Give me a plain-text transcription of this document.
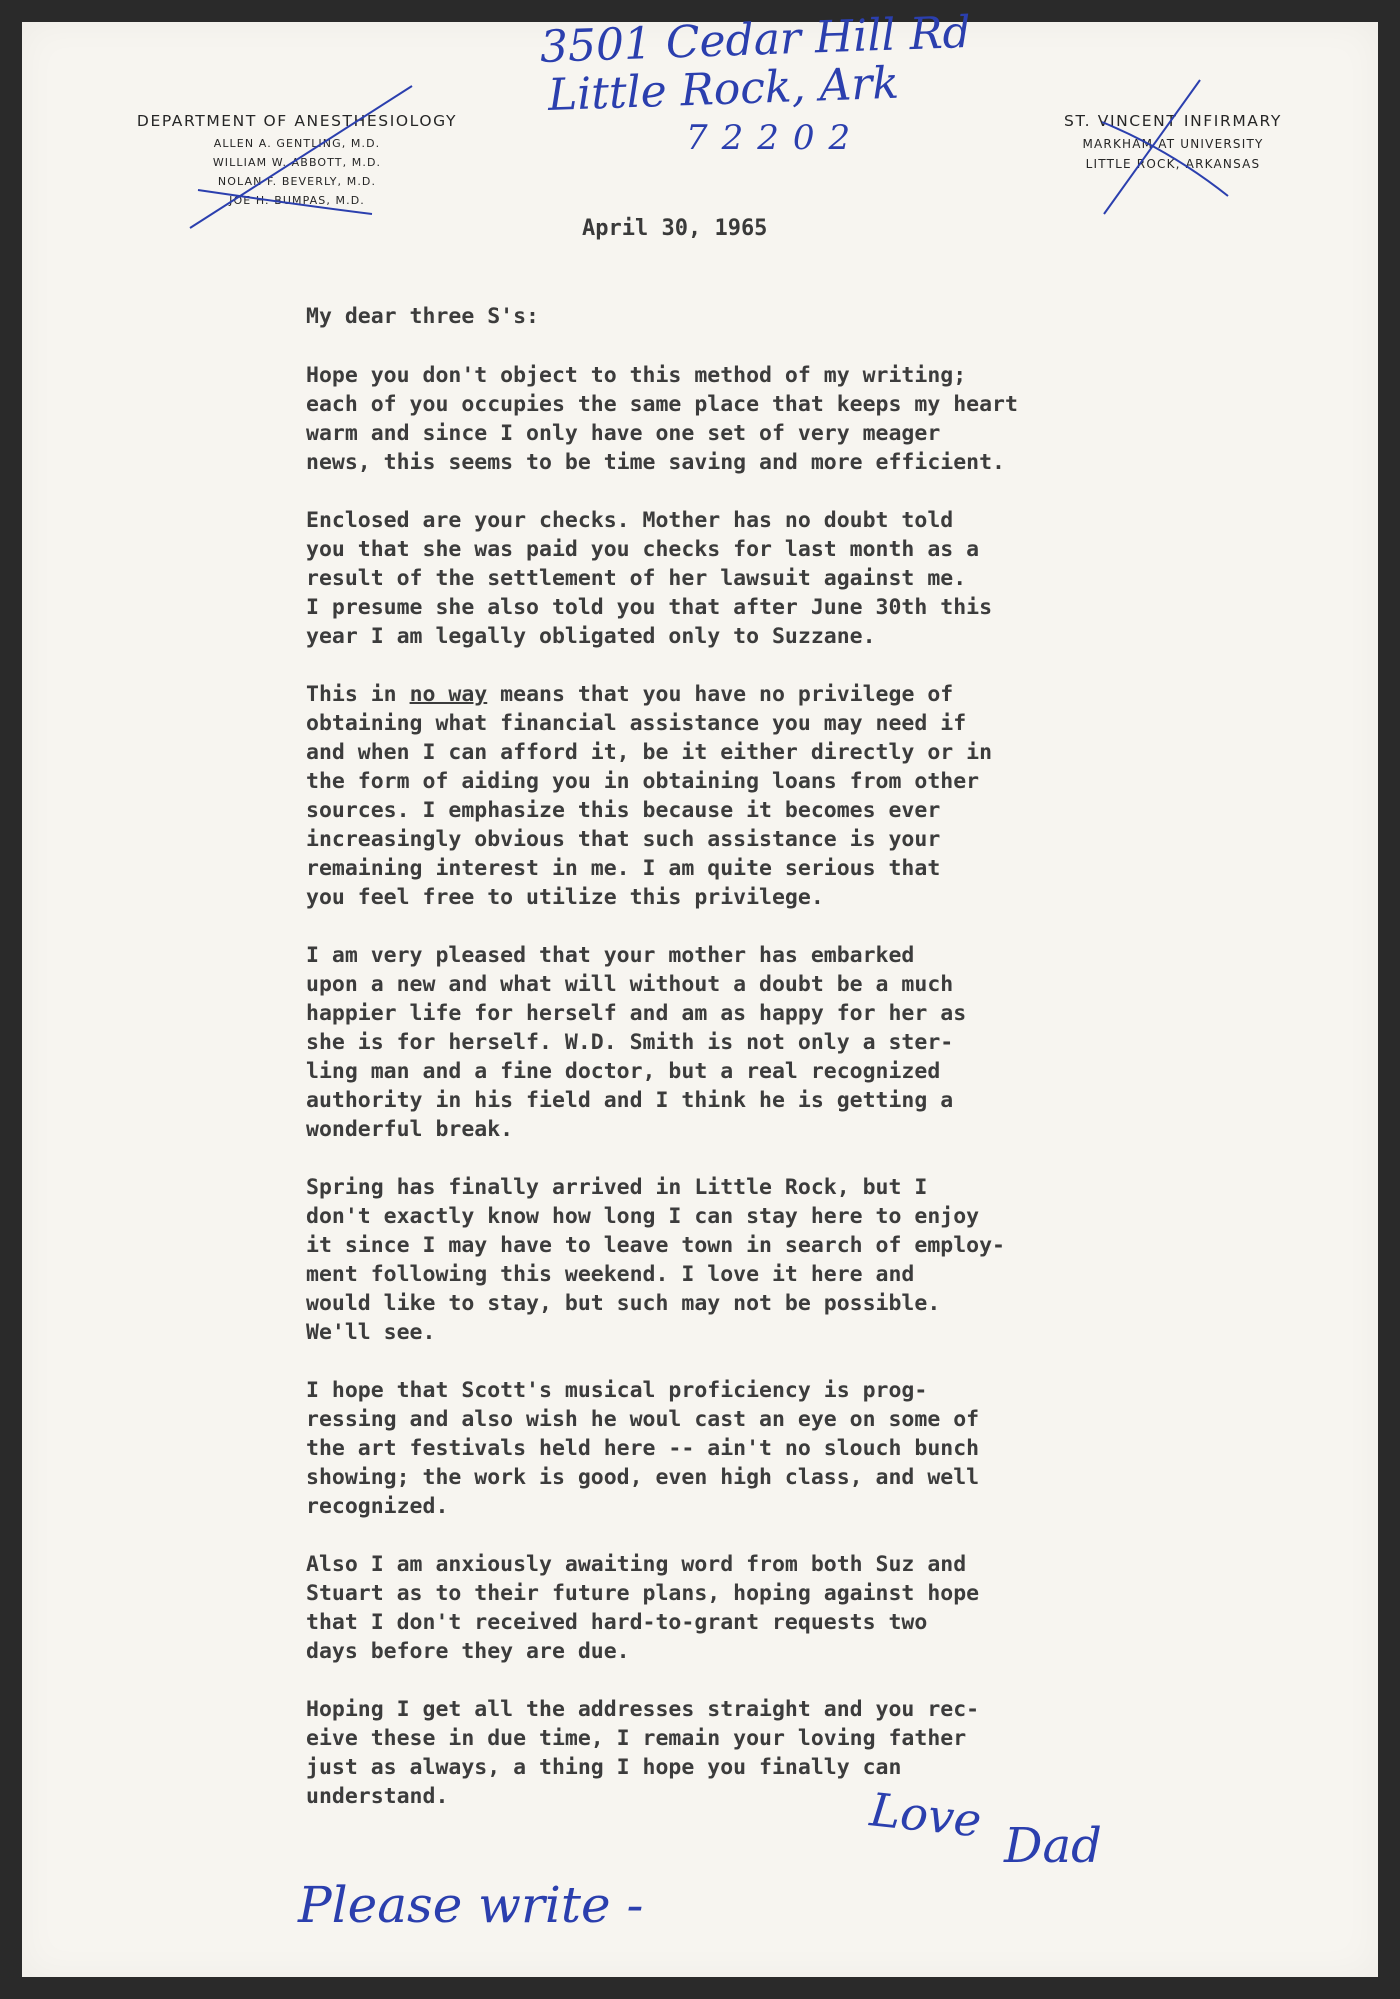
DEPARTMENT OF ANESTHESIOLOGY
ALLEN A. GENTLING, M.D.
WILLIAM W. ABBOTT, M.D.
NOLAN F. BEVERLY, M.D.
JOE H. BUMPAS, M.D.
ST. VINCENT INFIRMARY
MARKHAM AT UNIVERSITY
LITTLE ROCK, ARKANSAS
3501 Cedar Hill Rd
Little Rock, Ark
72202
April 30, 1965
My dear three S's:
Hope you don't object to this method of my writing;
each of you occupies the same place that keeps my heart
warm and since I only have one set of very meager
news, this seems to be time saving and more efficient.
Enclosed are your checks. Mother has no doubt told
you that she was paid you checks for last month as a
result of the settlement of her lawsuit against me.
I presume she also told you that after June 30th this
year I am legally obligated only to Suzzane.
This in no way means that you have no privilege of
obtaining what financial assistance you may need if
and when I can afford it, be it either directly or in
the form of aiding you in obtaining loans from other
sources. I emphasize this because it becomes ever
increasingly obvious that such assistance is your
remaining interest in me. I am quite serious that
you feel free to utilize this privilege.
I am very pleased that your mother has embarked
upon a new and what will without a doubt be a much
happier life for herself and am as happy for her as
she is for herself. W.D. Smith is not only a ster-
ling man and a fine doctor, but a real recognized
authority in his field and I think he is getting a
wonderful break.
Spring has finally arrived in Little Rock, but I
don't exactly know how long I can stay here to enjoy
it since I may have to leave town in search of employ-
ment following this weekend. I love it here and
would like to stay, but such may not be possible.
We'll see.
I hope that Scott's musical proficiency is prog-
ressing and also wish he woul cast an eye on some of
the art festivals held here -- ain't no slouch bunch
showing; the work is good, even high class, and well
recognized.
Also I am anxiously awaiting word from both Suz and
Stuart as to their future plans, hoping against hope
that I don't received hard-to-grant requests two
days before they are due.
Hoping I get all the addresses straight and you rec-
eive these in due time, I remain your loving father
just as always, a thing I hope you finally can
understand.	Love Dad
Please write -
